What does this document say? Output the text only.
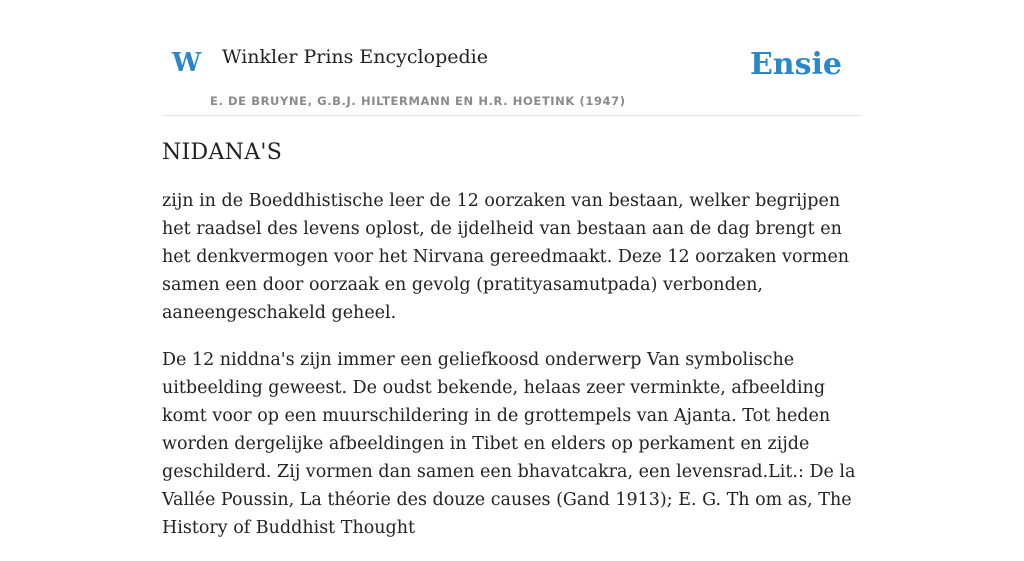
W Winkler Prins Encyclopedie
E. DE BRUYNE, G.B.J. HILTERMANN EN H.R. HOETINK (1947)
Ensie
NIDANA'S

zijn in de Boeddhistische leer de 12 oorzaken van bestaan, welker begrijpen het raadsel des levens oplost, de ijdelheid van bestaan aan de dag brengt en het denkvermogen voor het Nirvana gereedmaakt. Deze 12 oorzaken vormen samen een door oorzaak en gevolg (pratityasamutpada) verbonden, aaneengeschakeld geheel.

De 12 niddna's zijn immer een geliefkoosd onderwerp Van symbolische uitbeelding geweest. De oudst bekende, helaas zeer verminkte, afbeelding komt voor op een muurschildering in de grottempels van Ajanta. Tot heden worden dergelijke afbeeldingen in Tibet en elders op perkament en zijde geschilderd. Zij vormen dan samen een bhavatcakra, een levensrad.Lit.: De la Vallée Poussin, La théorie des douze causes (Gand 1913); E. G. Th om as, The History of Buddhist Thought
